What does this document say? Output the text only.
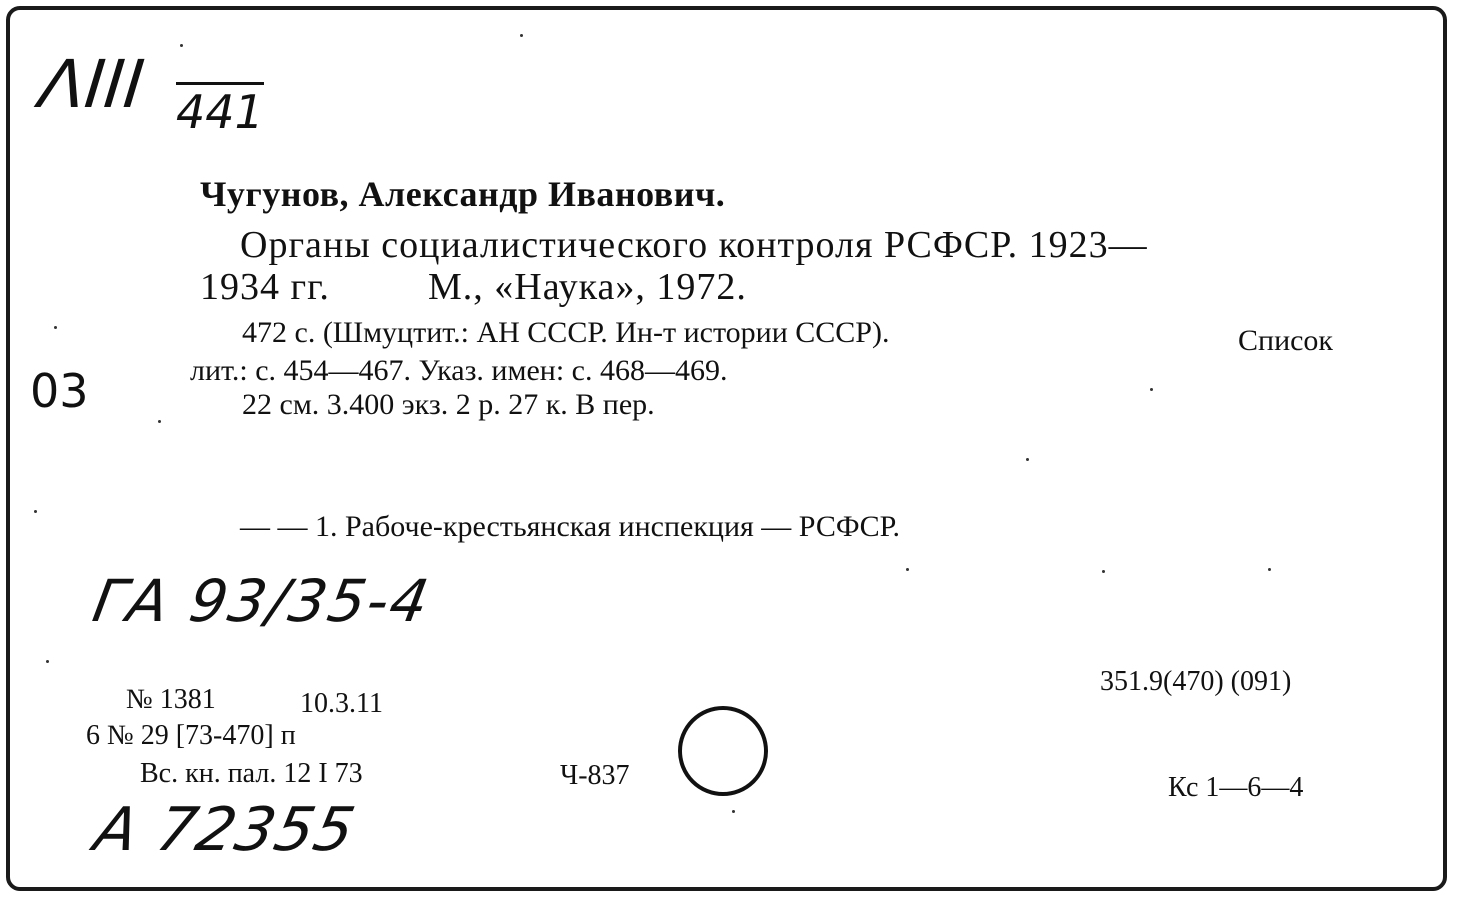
ΛIII 441
03
ГА 93/35-4
А 72355
Чугунов, Александр Иванович.
Органы социалистического контроля РСФСР. 1923—
1934 гг.	М., «Наука», 1972.
472 с. (Шмуцтит.: АН СССР. Ин-т истории СССР).	Список
лит.: с. 454—467. Указ. имен: с. 468—469.
22 см. 3.400 экз. 2 р. 27 к. В пер.
— — 1. Рабоче-крестьянская инспекция — РСФСР.
№ 1381	10.3.11
6 № 29 [73-470] п
Вс. кн. пал. 12 I 73	Ч-837
351.9(470) (091)
Кс 1—6—4
